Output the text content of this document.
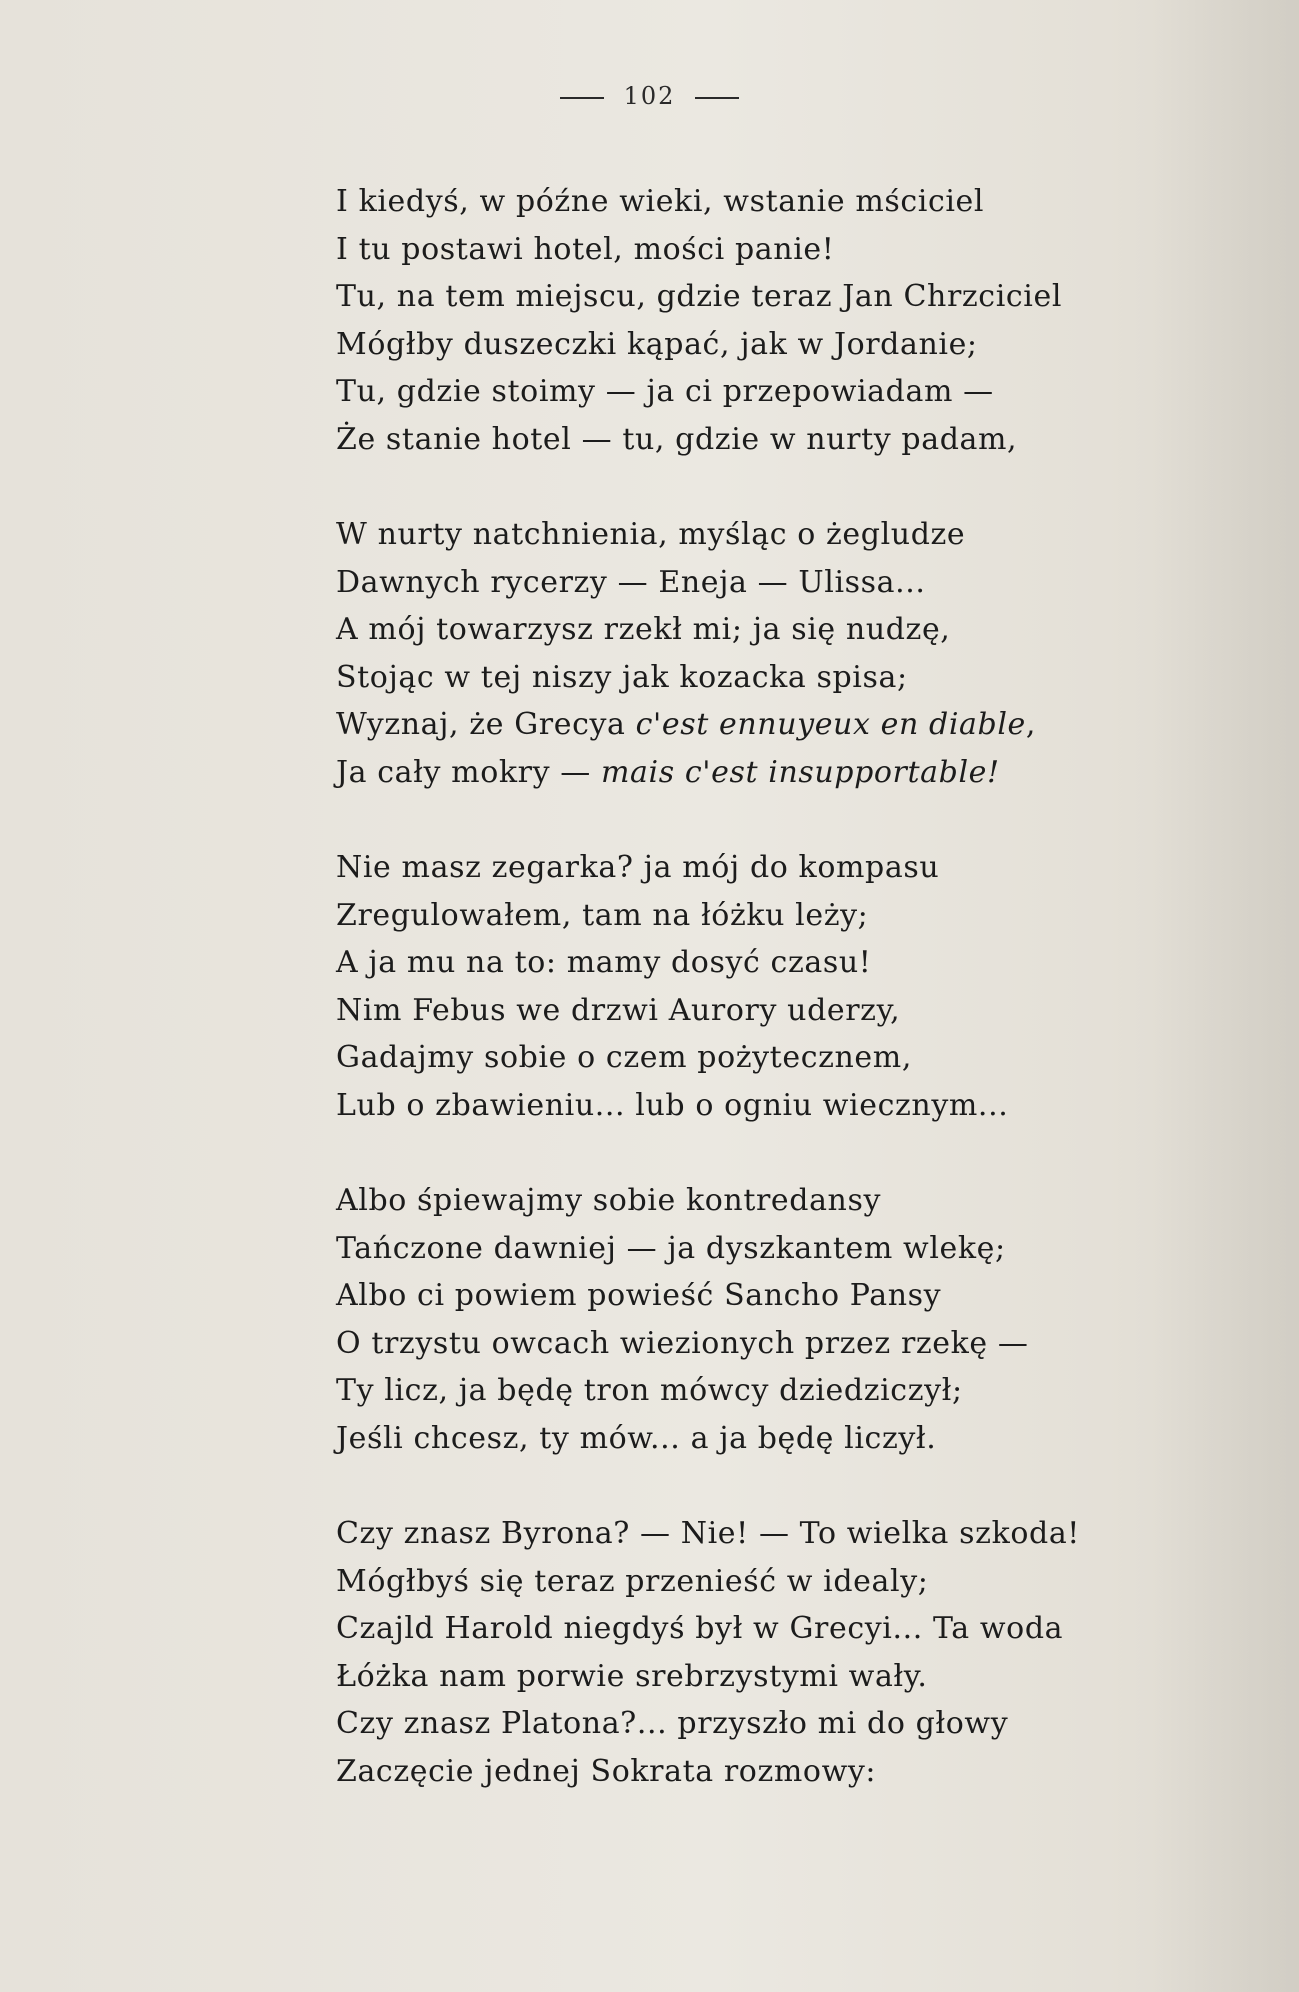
102
I kiedyś, w późne wieki, wstanie mściciel
I tu postawi hotel, mości panie!
Tu, na tem miejscu, gdzie teraz Jan Chrzciciel
Mógłby duszeczki kąpać, jak w Jordanie;
Tu, gdzie stoimy — ja ci przepowiadam —
Że stanie hotel — tu, gdzie w nurty padam,
W nurty natchnienia, myśląc o żegludze
Dawnych rycerzy — Eneja — Ulissa...
A mój towarzysz rzekł mi; ja się nudzę,
Stojąc w tej niszy jak kozacka spisa;
Wyznaj, że Grecya c'est ennuyeux en diable,
Ja cały mokry — mais c'est insupportable!
Nie masz zegarka? ja mój do kompasu
Zregulowałem, tam na łóżku leży;
A ja mu na to: mamy dosyć czasu!
Nim Febus we drzwi Aurory uderzy,
Gadajmy sobie o czem pożytecznem,
Lub o zbawieniu... lub o ogniu wiecznym...
Albo śpiewajmy sobie kontredansy
Tańczone dawniej — ja dyszkantem wlekę;
Albo ci powiem powieść Sancho Pansy
O trzystu owcach wiezionych przez rzekę —
Ty licz, ja będę tron mówcy dziedziczył;
Jeśli chcesz, ty mów... a ja będę liczył.
Czy znasz Byrona? — Nie! — To wielka szkoda!
Mógłbyś się teraz przenieść w idealy;
Czajld Harold niegdyś był w Grecyi... Ta woda
Łóżka nam porwie srebrzystymi wały.
Czy znasz Platona?... przyszło mi do głowy
Zaczęcie jednej Sokrata rozmowy:
